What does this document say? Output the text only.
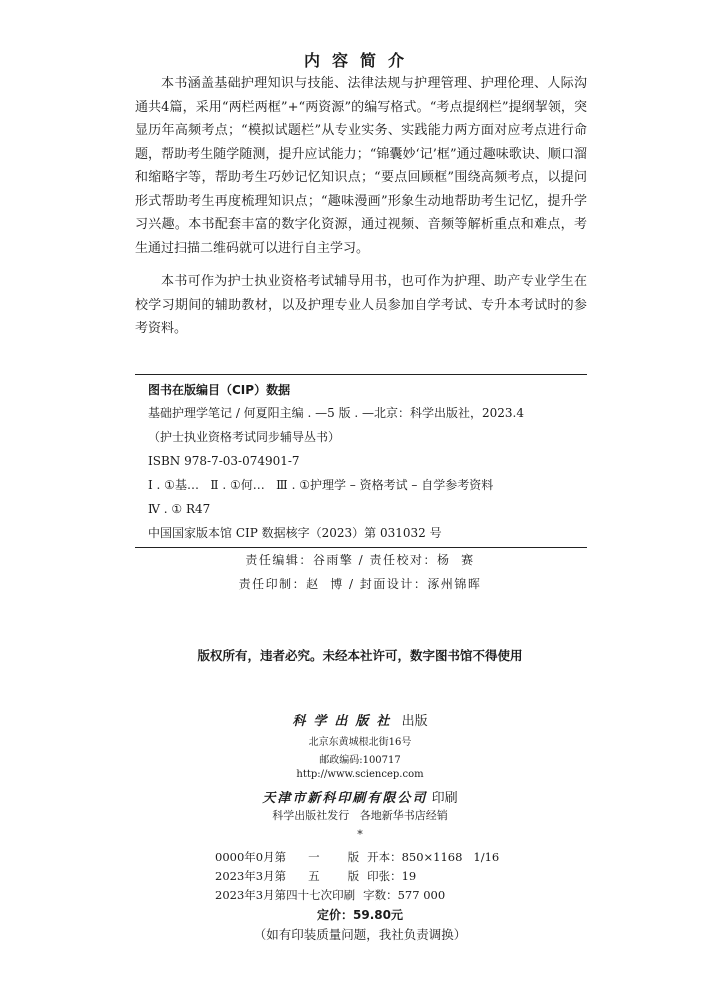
内容简介

本书涵盖基础护理知识与技能、法律法规与护理管理、护理伦理、人际沟通共4篇，采用“两栏两框”+“两资源”的编写格式。“考点提纲栏”提纲挈领，突显历年高频考点；“模拟试题栏”从专业实务、实践能力两方面对应考点进行命题，帮助考生随学随测，提升应试能力；“锦囊妙‘记’框”通过趣味歌诀、顺口溜和缩略字等，帮助考生巧妙记忆知识点；“要点回顾框”围绕高频考点，以提问形式帮助考生再度梳理知识点；“趣味漫画”形象生动地帮助考生记忆，提升学习兴趣。本书配套丰富的数字化资源，通过视频、音频等解析重点和难点，考生通过扫描二维码就可以进行自主学习。

本书可作为护士执业资格考试辅导用书，也可作为护理、助产专业学生在校学习期间的辅助教材，以及护理专业人员参加自学考试、专升本考试时的参考资料。

图书在版编目（CIP）数据
基础护理学笔记 / 何夏阳主编 . —5 版 . —北京：科学出版社，2023.4
（护士执业资格考试同步辅导丛书）
ISBN 978-7-03-074901-7
Ⅰ . ①基…   Ⅱ . ①何…   Ⅲ . ①护理学 – 资格考试 – 自学参考资料
Ⅳ . ① R47
中国国家版本馆 CIP 数据核字（2023）第 031032 号
责任编辑：谷雨擎 / 责任校对：杨  赛
责任印制：赵  博 / 封面设计：涿州锦晖
版权所有，违者必究。未经本社许可，数字图书馆不得使用
科学出版社 出版
北京东黄城根北街16号
邮政编码:100717
http://www.sciencep.com
天津市新科印刷有限公司 印刷
科学出版社发行   各地新华书店经销
*
0000年0月第 一 版 开本：850×1168   1/16
2023年3月第 五 版 印张：19
2023年3月第四十七次印刷 字数：577 000
定价：59.80元
（如有印装质量问题，我社负责调换）
